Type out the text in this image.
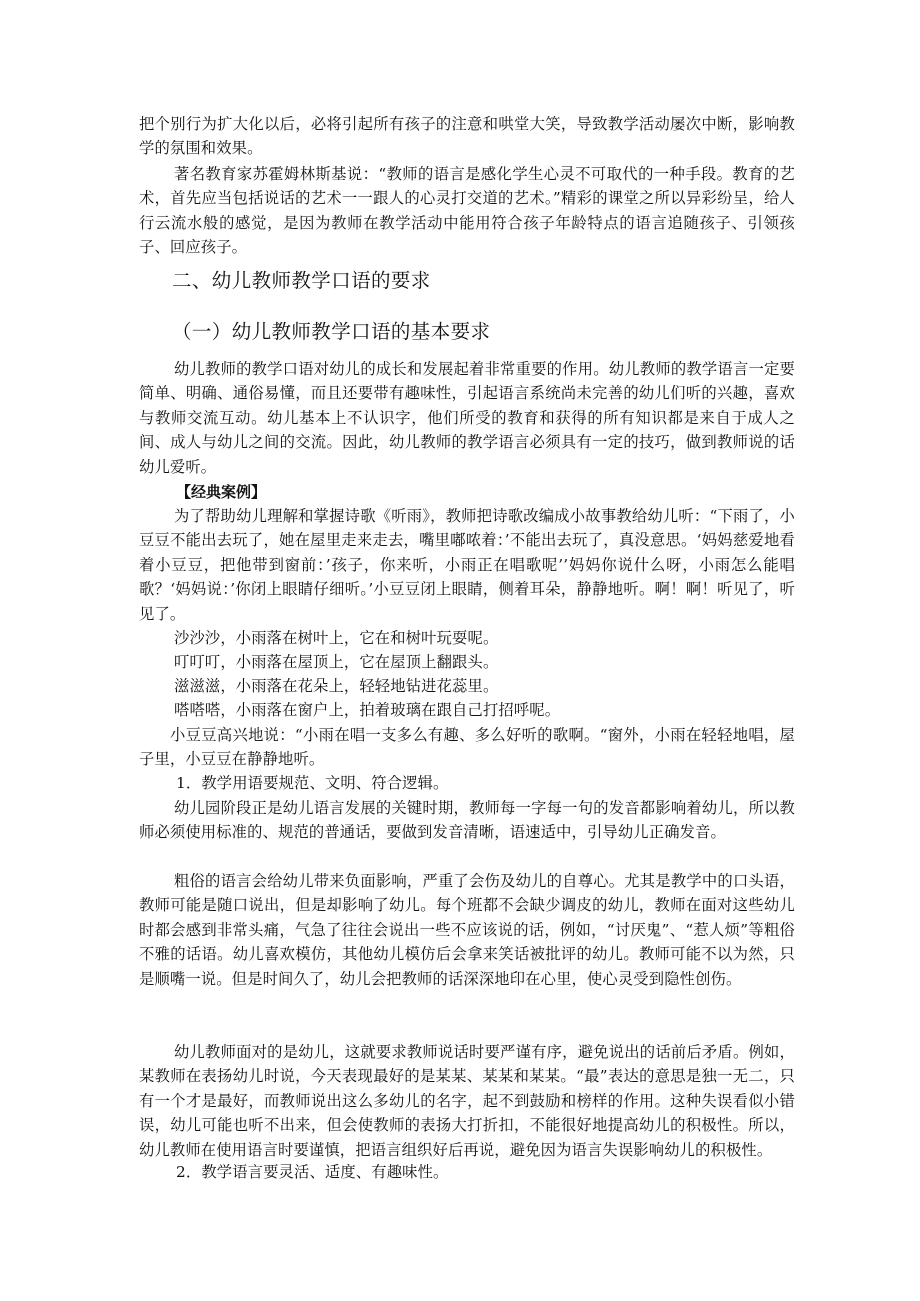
把个别行为扩大化以后，必将引起所有孩子的注意和哄堂大笑，导致教学活动屡次中断，影响教学的氛围和效果。

著名教育家苏霍姆林斯基说：“教师的语言是感化学生心灵不可取代的一种手段。教育的艺术，首先应当包括说话的艺术一一跟人的心灵打交道的艺术。”精彩的课堂之所以异彩纷呈，给人行云流水般的感觉，是因为教师在教学活动中能用符合孩子年龄特点的语言追随孩子、引领孩子、回应孩子。

二、幼儿教师教学口语的要求

（一）幼儿教师教学口语的基本要求

幼儿教师的教学口语对幼儿的成长和发展起着非常重要的作用。幼儿教师的教学语言一定要简单、明确、通俗易懂，而且还要带有趣味性，引起语言系统尚未完善的幼儿们听的兴趣，喜欢与教师交流互动。幼儿基本上不认识字，他们所受的教育和获得的所有知识都是来自于成人之间、成人与幼儿之间的交流。因此，幼儿教师的教学语言必须具有一定的技巧，做到教师说的话幼儿爱听。

【经典案例】

为了帮助幼儿理解和掌握诗歌《听雨》，教师把诗歌改编成小故事教给幼儿听：“下雨了，小豆豆不能出去玩了，她在屋里走来走去，嘴里嘟哝着：’不能出去玩了，真没意思。‘妈妈慈爱地看着小豆豆，把他带到窗前：’孩子，你来听，小雨正在唱歌呢’’妈妈你说什么呀，小雨怎么能唱歌？‘妈妈说：’你闭上眼睛仔细听。’小豆豆闭上眼睛，侧着耳朵，静静地听。啊！啊！听见了，听见了。

沙沙沙，小雨落在树叶上，它在和树叶玩耍呢。

叮叮叮，小雨落在屋顶上，它在屋顶上翻跟头。

滋滋滋，小雨落在花朵上，轻轻地钻进花蕊里。

嗒嗒嗒，小雨落在窗户上，拍着玻璃在跟自己打招呼呢。

小豆豆高兴地说：“小雨在唱一支多么有趣、多么好听的歌啊。“窗外，小雨在轻轻地唱，屋子里，小豆豆在静静地听。

1．教学用语要规范、文明、符合逻辑。

幼儿园阶段正是幼儿语言发展的关键时期，教师每一字每一句的发音都影响着幼儿，所以教师必须使用标准的、规范的普通话，要做到发音清晰，语速适中，引导幼儿正确发音。

粗俗的语言会给幼儿带来负面影响，严重了会伤及幼儿的自尊心。尤其是教学中的口头语，教师可能是随口说出，但是却影响了幼儿。每个班都不会缺少调皮的幼儿，教师在面对这些幼儿时都会感到非常头痛，气急了往往会说出一些不应该说的话，例如，“讨厌鬼”、“惹人烦”等粗俗不雅的话语。幼儿喜欢模仿，其他幼儿模仿后会拿来笑话被批评的幼儿。教师可能不以为然，只是顺嘴一说。但是时间久了，幼儿会把教师的话深深地印在心里，使心灵受到隐性创伤。

幼儿教师面对的是幼儿，这就要求教师说话时要严谨有序，避免说出的话前后矛盾。例如，某教师在表扬幼儿时说，今天表现最好的是某某、某某和某某。“最”表达的意思是独一无二，只有一个才是最好，而教师说出这么多幼儿的名字，起不到鼓励和榜样的作用。这种失误看似小错误，幼儿可能也听不出来，但会使教师的表扬大打折扣，不能很好地提高幼儿的积极性。所以，幼儿教师在使用语言时要谨慎，把语言组织好后再说，避免因为语言失误影响幼儿的积极性。

2．教学语言要灵活、适度、有趣味性。
